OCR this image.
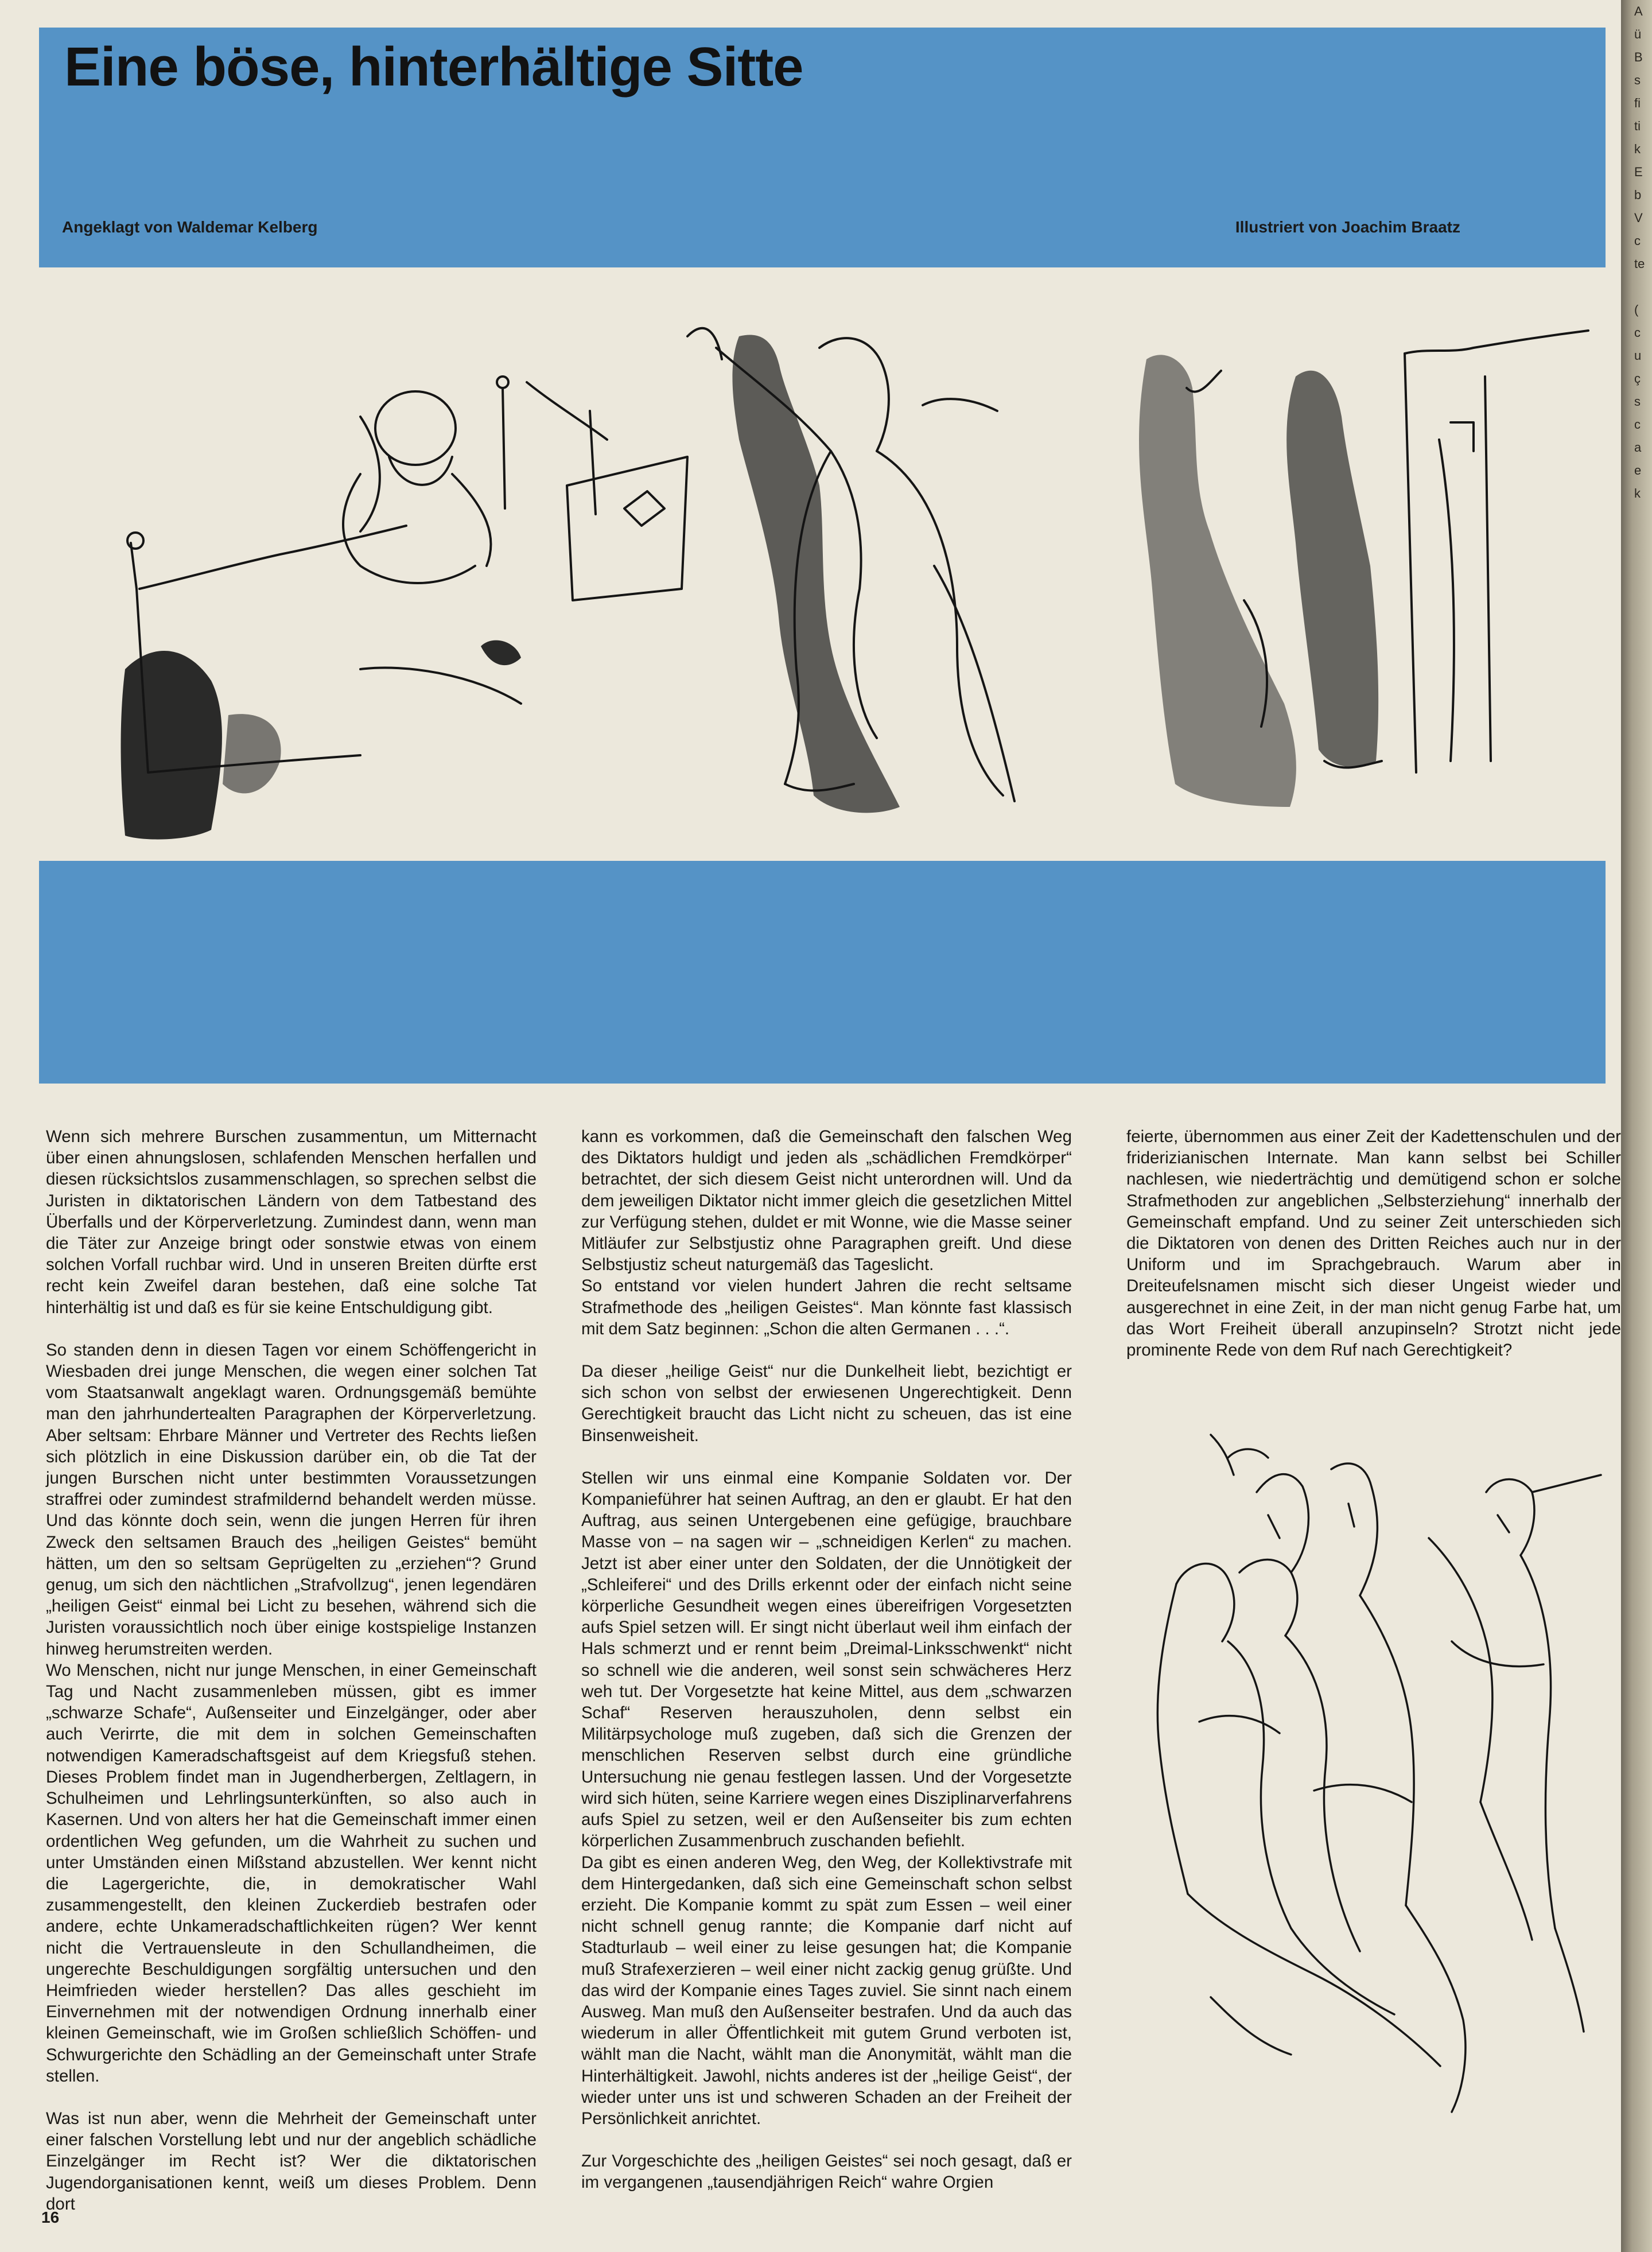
Eine böse, hinterhältige Sitte
Angeklagt von Waldemar Kelberg	Illustriert von Joachim Braatz

Wenn sich mehrere Burschen zusammentun, um Mitternacht über einen ahnungslosen, schlafenden Menschen herfallen und diesen rücksichtslos zusammenschlagen, so sprechen selbst die Juristen in diktatorischen Ländern von dem Tatbestand des Überfalls und der Körperverletzung. Zumindest dann, wenn man die Täter zur Anzeige bringt oder sonstwie etwas von einem solchen Vorfall ruchbar wird. Und in unseren Breiten dürfte erst recht kein Zweifel daran bestehen, daß eine solche Tat hinterhältig ist und daß es für sie keine Entschuldigung gibt.

So standen denn in diesen Tagen vor einem Schöffengericht in Wiesbaden drei junge Menschen, die wegen einer solchen Tat vom Staatsanwalt angeklagt waren. Ordnungsgemäß bemühte man den jahrhundertealten Paragraphen der Körperverletzung. Aber seltsam: Ehrbare Männer und Vertreter des Rechts ließen sich plötzlich in eine Diskussion darüber ein, ob die Tat der jungen Burschen nicht unter bestimmten Voraussetzungen straffrei oder zumindest strafmildernd behandelt werden müsse. Und das könnte doch sein, wenn die jungen Herren für ihren Zweck den seltsamen Brauch des „heiligen Geistes“ bemüht hätten, um den so seltsam Geprügelten zu „erziehen“? Grund genug, um sich den nächtlichen „Strafvollzug“, jenen legendären „heiligen Geist“ einmal bei Licht zu besehen, während sich die Juristen voraussichtlich noch über einige kostspielige Instanzen hinweg herumstreiten werden.

Wo Menschen, nicht nur junge Menschen, in einer Gemeinschaft Tag und Nacht zusammenleben müssen, gibt es immer „schwarze Schafe“, Außenseiter und Einzelgänger, oder aber auch Verirrte, die mit dem in solchen Gemeinschaften notwendigen Kameradschaftsgeist auf dem Kriegsfuß stehen. Dieses Problem findet man in Jugendherbergen, Zeltlagern, in Schulheimen und Lehrlingsunterkünften, so also auch in Kasernen. Und von alters her hat die Gemeinschaft immer einen ordentlichen Weg gefunden, um die Wahrheit zu suchen und unter Umständen einen Mißstand abzustellen. Wer kennt nicht die Lagergerichte, die, in demokratischer Wahl zusammengestellt, den kleinen Zuckerdieb bestrafen oder andere, echte Unkameradschaftlichkeiten rügen? Wer kennt nicht die Vertrauensleute in den Schullandheimen, die ungerechte Beschuldigungen sorgfältig untersuchen und den Heimfrieden wieder herstellen? Das alles geschieht im Einvernehmen mit der notwendigen Ordnung innerhalb einer kleinen Gemeinschaft, wie im Großen schließlich Schöffen- und Schwurgerichte den Schädling an der Gemeinschaft unter Strafe stellen.

Was ist nun aber, wenn die Mehrheit der Gemeinschaft unter einer falschen Vorstellung lebt und nur der angeblich schädliche Einzelgänger im Recht ist? Wer die diktatorischen Jugendorganisationen kennt, weiß um dieses Problem. Denn dort

kann es vorkommen, daß die Gemeinschaft den falschen Weg des Diktators huldigt und jeden als „schädlichen Fremdkörper“ betrachtet, der sich diesem Geist nicht unterordnen will. Und da dem jeweiligen Diktator nicht immer gleich die gesetzlichen Mittel zur Verfügung stehen, duldet er mit Wonne, wie die Masse seiner Mitläufer zur Selbstjustiz ohne Paragraphen greift. Und diese Selbstjustiz scheut naturgemäß das Tageslicht.

So entstand vor vielen hundert Jahren die recht seltsame Strafmethode des „heiligen Geistes“. Man könnte fast klassisch mit dem Satz beginnen: „Schon die alten Germanen . . .“.

Da dieser „heilige Geist“ nur die Dunkelheit liebt, bezichtigt er sich schon von selbst der erwiesenen Ungerechtigkeit. Denn Gerechtigkeit braucht das Licht nicht zu scheuen, das ist eine Binsenweisheit.

Stellen wir uns einmal eine Kompanie Soldaten vor. Der Kompanieführer hat seinen Auftrag, an den er glaubt. Er hat den Auftrag, aus seinen Untergebenen eine gefügige, brauchbare Masse von – na sagen wir – „schneidigen Kerlen“ zu machen. Jetzt ist aber einer unter den Soldaten, der die Unnötigkeit der „Schleiferei“ und des Drills erkennt oder der einfach nicht seine körperliche Gesundheit wegen eines übereifrigen Vorgesetzten aufs Spiel setzen will. Er singt nicht überlaut weil ihm einfach der Hals schmerzt und er rennt beim „Dreimal-Linksschwenkt“ nicht so schnell wie die anderen, weil sonst sein schwächeres Herz weh tut. Der Vorgesetzte hat keine Mittel, aus dem „schwarzen Schaf“ Reserven herauszuholen, denn selbst ein Militärpsychologe muß zugeben, daß sich die Grenzen der menschlichen Reserven selbst durch eine gründliche Untersuchung nie genau festlegen lassen. Und der Vorgesetzte wird sich hüten, seine Karriere wegen eines Disziplinarverfahrens aufs Spiel zu setzen, weil er den Außenseiter bis zum echten körperlichen Zusammenbruch zuschanden befiehlt.

Da gibt es einen anderen Weg, den Weg, der Kollektivstrafe mit dem Hintergedanken, daß sich eine Gemeinschaft schon selbst erzieht. Die Kompanie kommt zu spät zum Essen – weil einer nicht schnell genug rannte; die Kompanie darf nicht auf Stadturlaub – weil einer zu leise gesungen hat; die Kompanie muß Strafexerzieren – weil einer nicht zackig genug grüßte. Und das wird der Kompanie eines Tages zuviel. Sie sinnt nach einem Ausweg. Man muß den Außenseiter bestrafen. Und da auch das wiederum in aller Öffentlichkeit mit gutem Grund verboten ist, wählt man die Nacht, wählt man die Anonymität, wählt man die Hinterhältigkeit. Jawohl, nichts anderes ist der „heilige Geist“, der wieder unter uns ist und schweren Schaden an der Freiheit der Persönlichkeit anrichtet.

Zur Vorgeschichte des „heiligen Geistes“ sei noch gesagt, daß er im vergangenen „tausendjährigen Reich“ wahre Orgien

feierte, übernommen aus einer Zeit der Kadettenschulen und der friderizianischen Internate. Man kann selbst bei Schiller nachlesen, wie niederträchtig und demütigend schon er solche Strafmethoden zur angeblichen „Selbsterziehung“ innerhalb der Gemeinschaft empfand. Und zu seiner Zeit unterschieden sich die Diktatoren von denen des Dritten Reiches auch nur in der Uniform und im Sprachgebrauch. Warum aber in Dreiteufelsnamen mischt sich dieser Ungeist wieder und ausgerechnet in eine Zeit, in der man nicht genug Farbe hat, um das Wort Freiheit überall anzupinseln? Strotzt nicht jede prominente Rede von dem Ruf nach Gerechtigkeit?

16
A
ü
B
s
fi
ti
k
E
b
V
c
te

(
c
u
ç
s
c
a
e
k
